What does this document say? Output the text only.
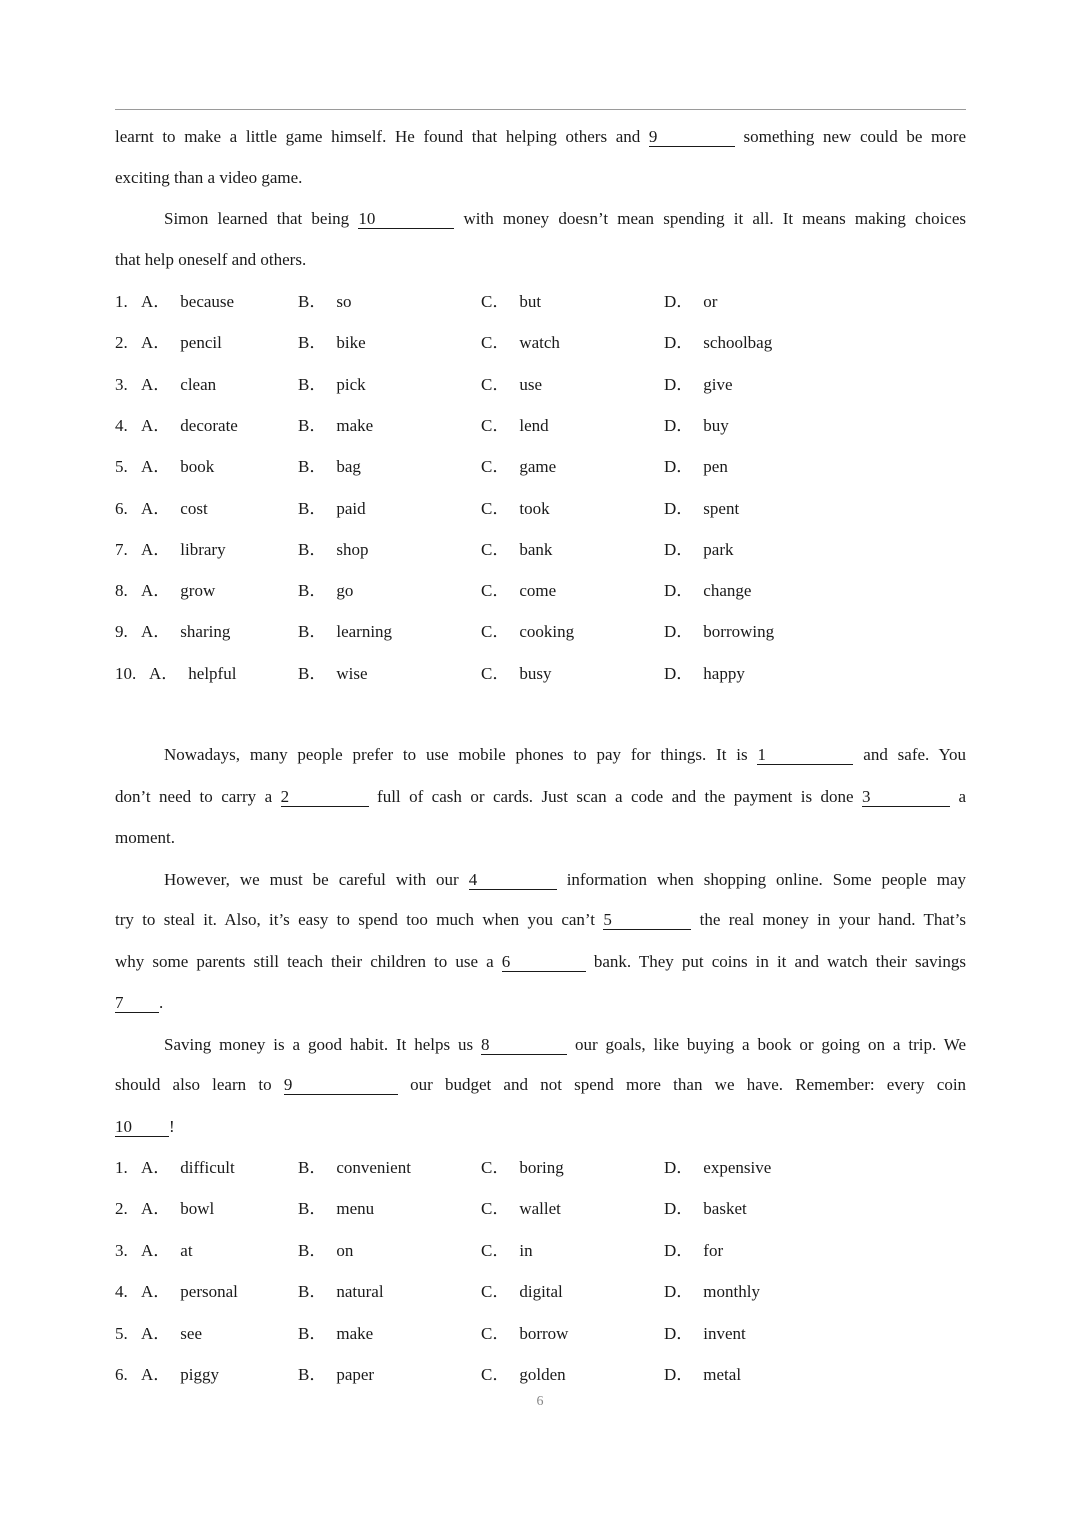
learnt to make a little game himself. He found that helping others and 9	something new could be more
exciting than a video game.
Simon learned that being 10	with money doesn’t mean spending it all. It means making choices
that help oneself and others.
1. A． because	B． so	C． but	D． or
2. A． pencil	B． bike	C． watch	D． schoolbag
3. A． clean	B． pick	C． use	D． give
4. A． decorate	B． make	C． lend	D． buy
5. A． book	B． bag	C． game	D． pen
6. A． cost	B． paid	C． took	D． spent
7. A． library	B． shop	C． bank	D． park
8. A． grow	B． go	C． come	D． change
9. A． sharing	B． learning	C． cooking	D． borrowing
10. A． helpful	B． wise	C． busy	D． happy
Nowadays, many people prefer to use mobile phones to pay for things. It is 1	and safe. You
don’t need to carry a 2	full of cash or cards. Just scan a code and the payment is done 3	a
moment.
However, we must be careful with our 4	information when shopping online. Some people may
try to steal it. Also, it’s easy to spend too much when you can’t 5	the real money in your hand. That’s
why some parents still teach their children to use a 6	bank. They put coins in it and watch their savings
7 .
Saving money is a good habit. It helps us 8	our goals, like buying a book or going on a trip. We
should also learn to 9	our budget and not spend more than we have. Remember: every coin
10 !
1. A． difficult	B． convenient	C． boring	D． expensive
2. A． bowl	B． menu	C． wallet	D． basket
3. A． at	B． on	C． in	D． for
4. A． personal	B． natural	C． digital	D． monthly
5. A． see	B． make	C． borrow	D． invent
6. A． piggy	B． paper	C． golden	D． metal
6
